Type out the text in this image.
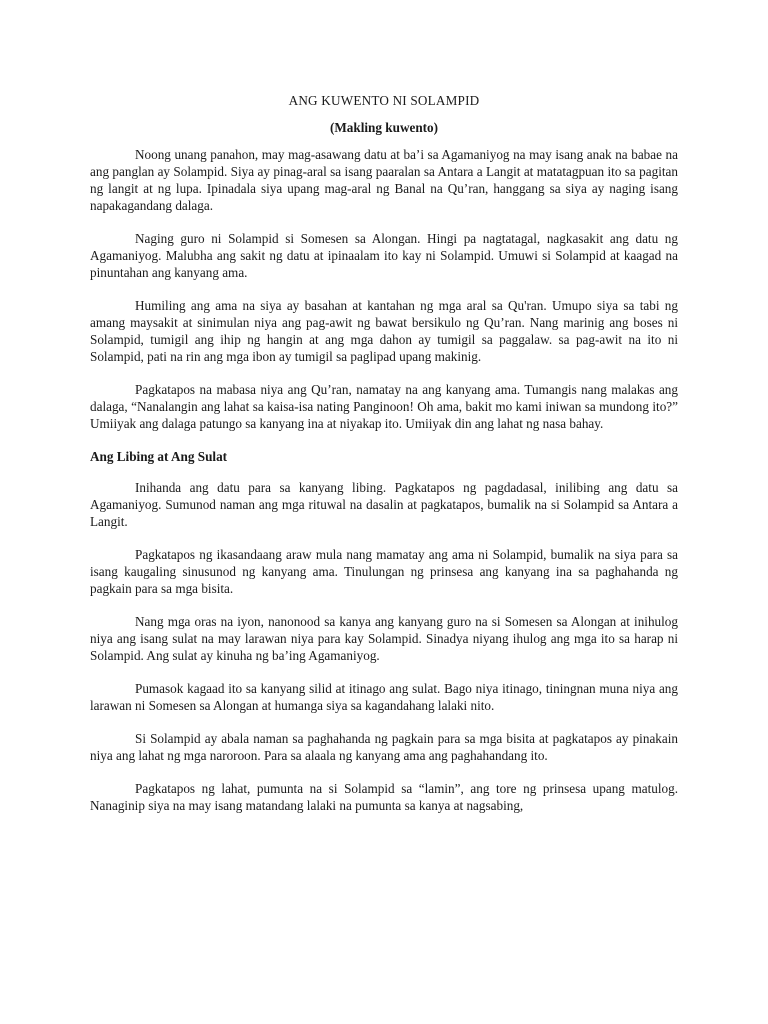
ANG KUWENTO NI SOLAMPID
(Makling kuwento)

Noong unang panahon, may mag-asawang datu at ba’i sa Agamaniyog na may isang anak na babae na ang panglan ay Solampid. Siya ay pinag-aral sa isang paaralan sa Antara a Langit at matatagpuan ito sa pagitan ng langit at ng lupa. Ipinadala siya upang mag-aral ng Banal na Qu’ran, hanggang sa siya ay naging isang napakagandang dalaga.

Naging guro ni Solampid si Somesen sa Alongan. Hingi pa nagtatagal, nagkasakit ang datu ng Agamaniyog. Malubha ang sakit ng datu at ipinaalam ito kay ni Solampid. Umuwi si Solampid at kaagad na pinuntahan ang kanyang ama.

Humiling ang ama na siya ay basahan at kantahan ng mga aral sa Qu'ran. Umupo siya sa tabi ng amang maysakit at sinimulan niya ang pag-awit ng bawat bersikulo ng Qu’ran. Nang marinig ang boses ni Solampid, tumigil ang ihip ng hangin at ang mga dahon ay tumigil sa paggalaw. sa pag-awit na ito ni Solampid, pati na rin ang mga ibon ay tumigil sa paglipad upang makinig.

Pagkatapos na mabasa niya ang Qu’ran, namatay na ang kanyang ama. Tumangis nang malakas ang dalaga, “Nanalangin ang lahat sa kaisa-isa nating Panginoon! Oh ama, bakit mo kami iniwan sa mundong ito?” Umiiyak ang dalaga patungo sa kanyang ina at niyakap ito. Umiiyak din ang lahat ng nasa bahay.

Ang Libing at Ang Sulat

Inihanda ang datu para sa kanyang libing. Pagkatapos ng pagdadasal, inilibing ang datu sa Agamaniyog. Sumunod naman ang mga rituwal na dasalin at pagkatapos, bumalik na si Solampid sa Antara a Langit.

Pagkatapos ng ikasandaang araw mula nang mamatay ang ama ni Solampid, bumalik na siya para sa isang kaugaling sinusunod ng kanyang ama. Tinulungan ng prinsesa ang kanyang ina sa paghahanda ng pagkain para sa mga bisita.

Nang mga oras na iyon, nanonood sa kanya ang kanyang guro na si Somesen sa Alongan at inihulog niya ang isang sulat na may larawan niya para kay Solampid. Sinadya niyang ihulog ang mga ito sa harap ni Solampid. Ang sulat ay kinuha ng ba’ing Agamaniyog.

Pumasok kagaad ito sa kanyang silid at itinago ang sulat. Bago niya itinago, tiningnan muna niya ang larawan ni Somesen sa Alongan at humanga siya sa kagandahang lalaki nito.

Si Solampid ay abala naman sa paghahanda ng pagkain para sa mga bisita at pagkatapos ay pinakain niya ang lahat ng mga naroroon. Para sa alaala ng kanyang ama ang paghahandang ito.

Pagkatapos ng lahat, pumunta na si Solampid sa “lamin”, ang tore ng prinsesa upang matulog. Nanaginip siya na may isang matandang lalaki na pumunta sa kanya at nagsabing,
